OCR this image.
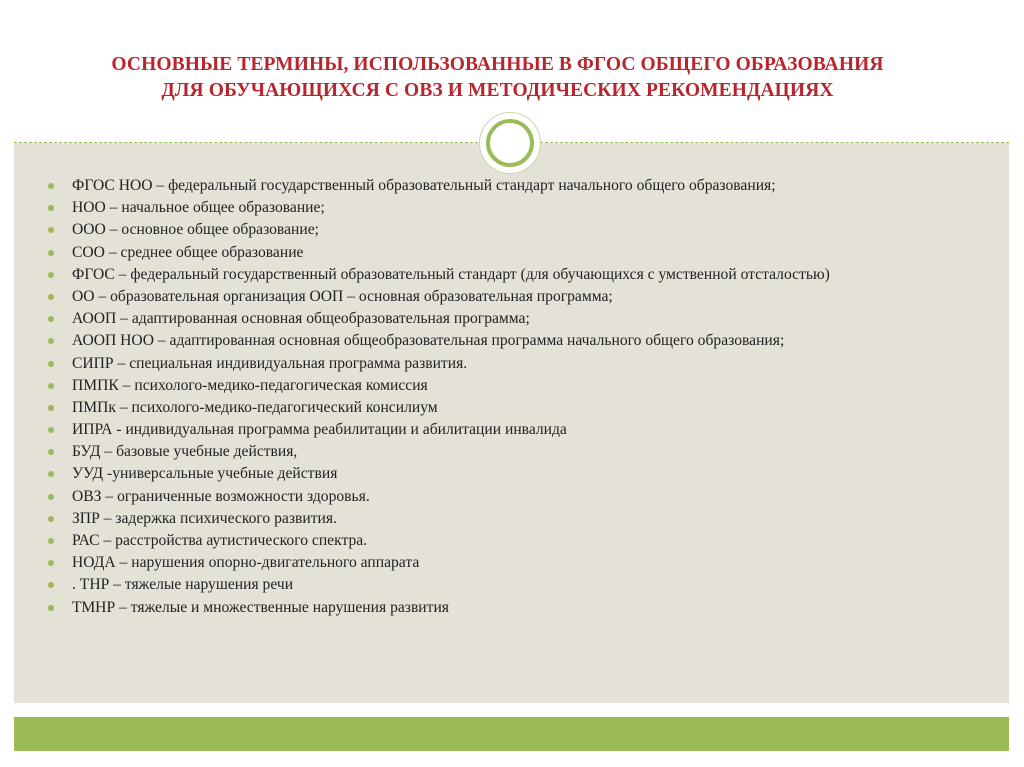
ОСНОВНЫЕ ТЕРМИНЫ, ИСПОЛЬЗОВАННЫЕ В ФГОС ОБЩЕГО ОБРАЗОВАНИЯ
ДЛЯ ОБУЧАЮЩИХСЯ С ОВЗ И МЕТОДИЧЕСКИХ РЕКОМЕНДАЦИЯХ
ФГОС НОО – федеральный государственный образовательный стандарт начального общего образования;
НОО – начальное общее образование;
ООО – основное общее образование;
СОО – среднее общее образование
ФГОС – федеральный государственный образовательный стандарт (для обучающихся с умственной отсталостью)
ОО – образовательная организация ООП – основная образовательная программа;
АООП – адаптированная основная общеобразовательная программа;
АООП НОО – адаптированная основная общеобразовательная программа начального общего образования;
СИПР – специальная индивидуальная программа развития.
ПМПК – психолого-медико-педагогическая комиссия
ПМПк – психолого-медико-педагогический консилиум
ИПРА - индивидуальная программа реабилитации и абилитации инвалида
БУД – базовые учебные действия,
УУД -универсальные учебные действия
ОВЗ – ограниченные возможности здоровья.
ЗПР – задержка психического развития.
РАС – расстройства аутистического спектра.
НОДА – нарушения опорно-двигательного аппарата
. ТНР – тяжелые нарушения речи
ТМНР – тяжелые и множественные нарушения развития
